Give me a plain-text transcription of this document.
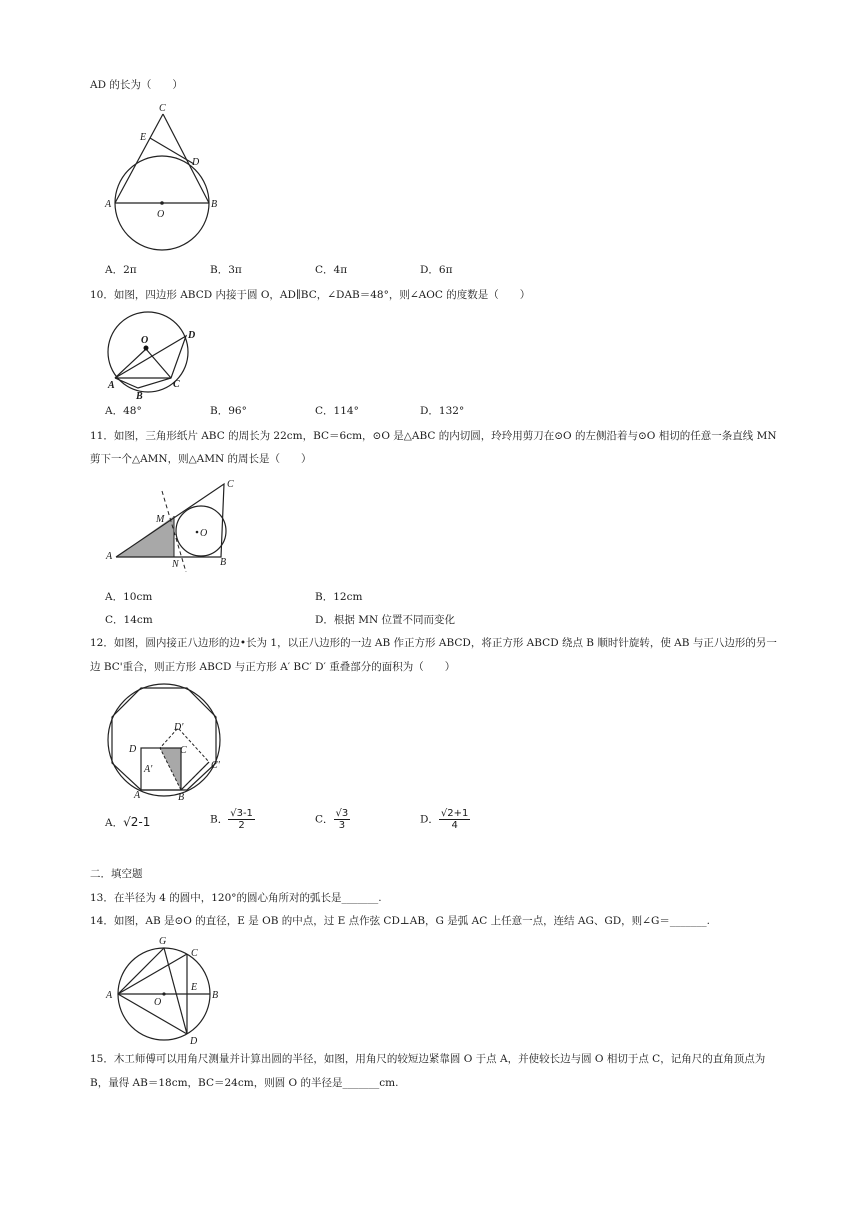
AD 的长为（　　）
C
E
D
A
O
B
A．2π	B．3π	C．4π	D．6π
10．如图，四边形 ABCD 内接于圆 O，AD∥BC，∠DAB＝48°，则∠AOC 的度数是（　　）
O	D
A
B
C
A．48°	B．96°	C．114°	D．132°
11．如图，三角形纸片 ABC 的周长为 22cm，BC＝6cm，⊙O 是△ABC 的内切圆，玲玲用剪刀在⊙O 的左侧沿着与⊙O 相切的任意一条直线 MN
剪下一个△AMN，则△AMN 的周长是（　　）
C
M
O
A
N	B
A．10cm	B．12cm
C．14cm	D．根据 MN 位置不同而变化
12．如图，圆内接正八边形的边•长为 1，以正八边形的一边 AB 作正方形 ABCD，将正方形 ABCD 绕点 B 顺时针旋转，使 AB 与正八边形的另一
边 BC'重合，则正方形 ABCD 与正方形 A′ BC′ D′ 重叠部分的面积为（　　）
D'
D	C
A'	C'
A	B
A．√2-1	B． $\frac{√3-1}{2}$	C． $\frac{√3}{3}$	D． $\frac{√2+1}{4}$
二．填空题
13．在半径为 4 的圆中，120°的圆心角所对的弧长是_______.
14．如图，AB 是⊙O 的直径，E 是 OB 的中点，过 E 点作弦 CD⊥AB，G 是弧 AC 上任意一点，连结 AG、GD，则∠G＝_______.
G
C
A
O
E
B
D
15．木工师傅可以用角尺测量并计算出圆的半径，如图，用角尺的较短边紧靠圆 O 于点 A，并使较长边与圆 O 相切于点 C，记角尺的直角顶点为
B，量得 AB＝18cm，BC＝24cm，则圆 O 的半径是_______cm.
